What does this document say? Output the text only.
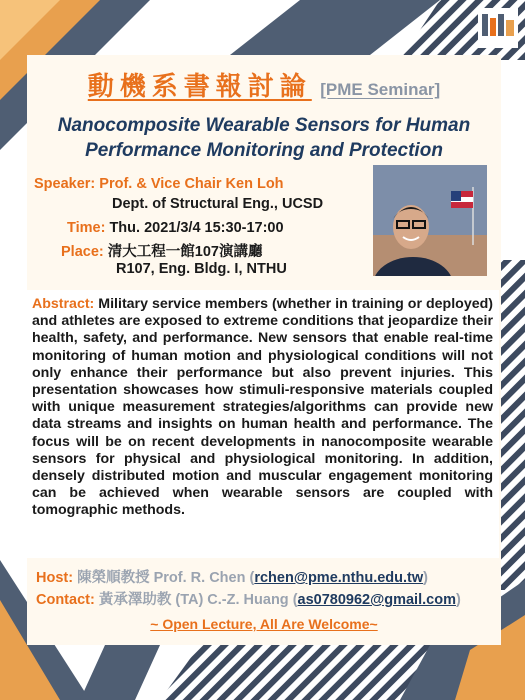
動機系書報討論 [PME Seminar]
Nanocomposite Wearable Sensors for Human
Performance Monitoring and Protection
Speaker: Prof. & Vice Chair Ken Loh
Dept. of Structural Eng., UCSD
Time: Thu. 2021/3/4 15:30-17:00
Place: 清大工程一館107演講廳
R107, Eng. Bldg. I, NTHU

Abstract: Military service members (whether in training or deployed) and athletes are exposed to extreme conditions that jeopardize their health, safety, and performance. New sensors that enable real-time monitoring of human motion and physiological conditions will not only enhance their performance but also prevent injuries. This presentation showcases how stimuli-responsive materials coupled with unique measurement strategies/algorithms can provide new data streams and insights on human health and performance. The focus will be on recent developments in nanocomposite wearable sensors for physical and physiological monitoring. In addition, densely distributed motion and muscular engagement monitoring can be achieved when wearable sensors are coupled with tomographic methods.

Host: 陳榮順教授 Prof. R. Chen (rchen@pme.nthu.edu.tw)
Contact: 黃承澤助教 (TA) C.-Z. Huang (as0780962@gmail.com)
~ Open Lecture, All Are Welcome~
